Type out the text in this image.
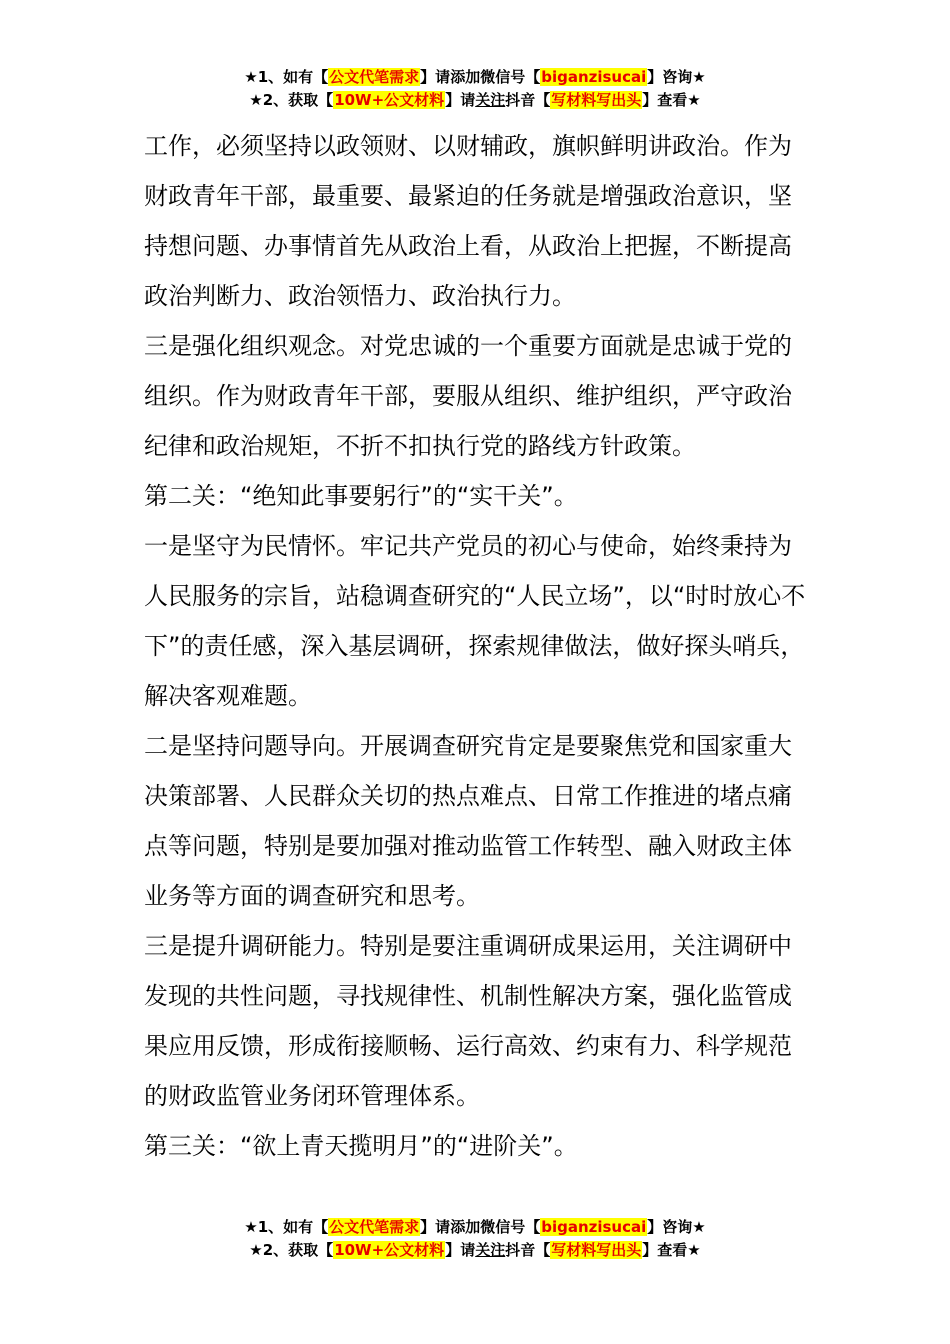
★1、如有【公文代笔需求】请添加微信号【biganzisucai】咨询★
★2、获取【10W+公文材料】请关注抖音【写材料写出头】查看★

工作，必须坚持以政领财、以财辅政，旗帜鲜明讲政治。作为财政青年干部，最重要、最紧迫的任务就是增强政治意识，坚持想问题、办事情首先从政治上看，从政治上把握，不断提高政治判断力、政治领悟力、政治执行力。

三是强化组织观念。对党忠诚的一个重要方面就是忠诚于党的组织。作为财政青年干部，要服从组织、维护组织，严守政治纪律和政治规矩，不折不扣执行党的路线方针政策。

第二关：“绝知此事要躬行”的“实干关”。

一是坚守为民情怀。牢记共产党员的初心与使命，始终秉持为人民服务的宗旨，站稳调查研究的“人民立场”，以“时时放心不下”的责任感，深入基层调研，探索规律做法，做好探头哨兵，解决客观难题。

二是坚持问题导向。开展调查研究肯定是要聚焦党和国家重大决策部署、人民群众关切的热点难点、日常工作推进的堵点痛点等问题，特别是要加强对推动监管工作转型、融入财政主体业务等方面的调查研究和思考。

三是提升调研能力。特别是要注重调研成果运用，关注调研中发现的共性问题，寻找规律性、机制性解决方案，强化监管成果应用反馈，形成衔接顺畅、运行高效、约束有力、科学规范的财政监管业务闭环管理体系。

第三关：“欲上青天揽明月”的“进阶关”。

★1、如有【公文代笔需求】请添加微信号【biganzisucai】咨询★
★2、获取【10W+公文材料】请关注抖音【写材料写出头】查看★
